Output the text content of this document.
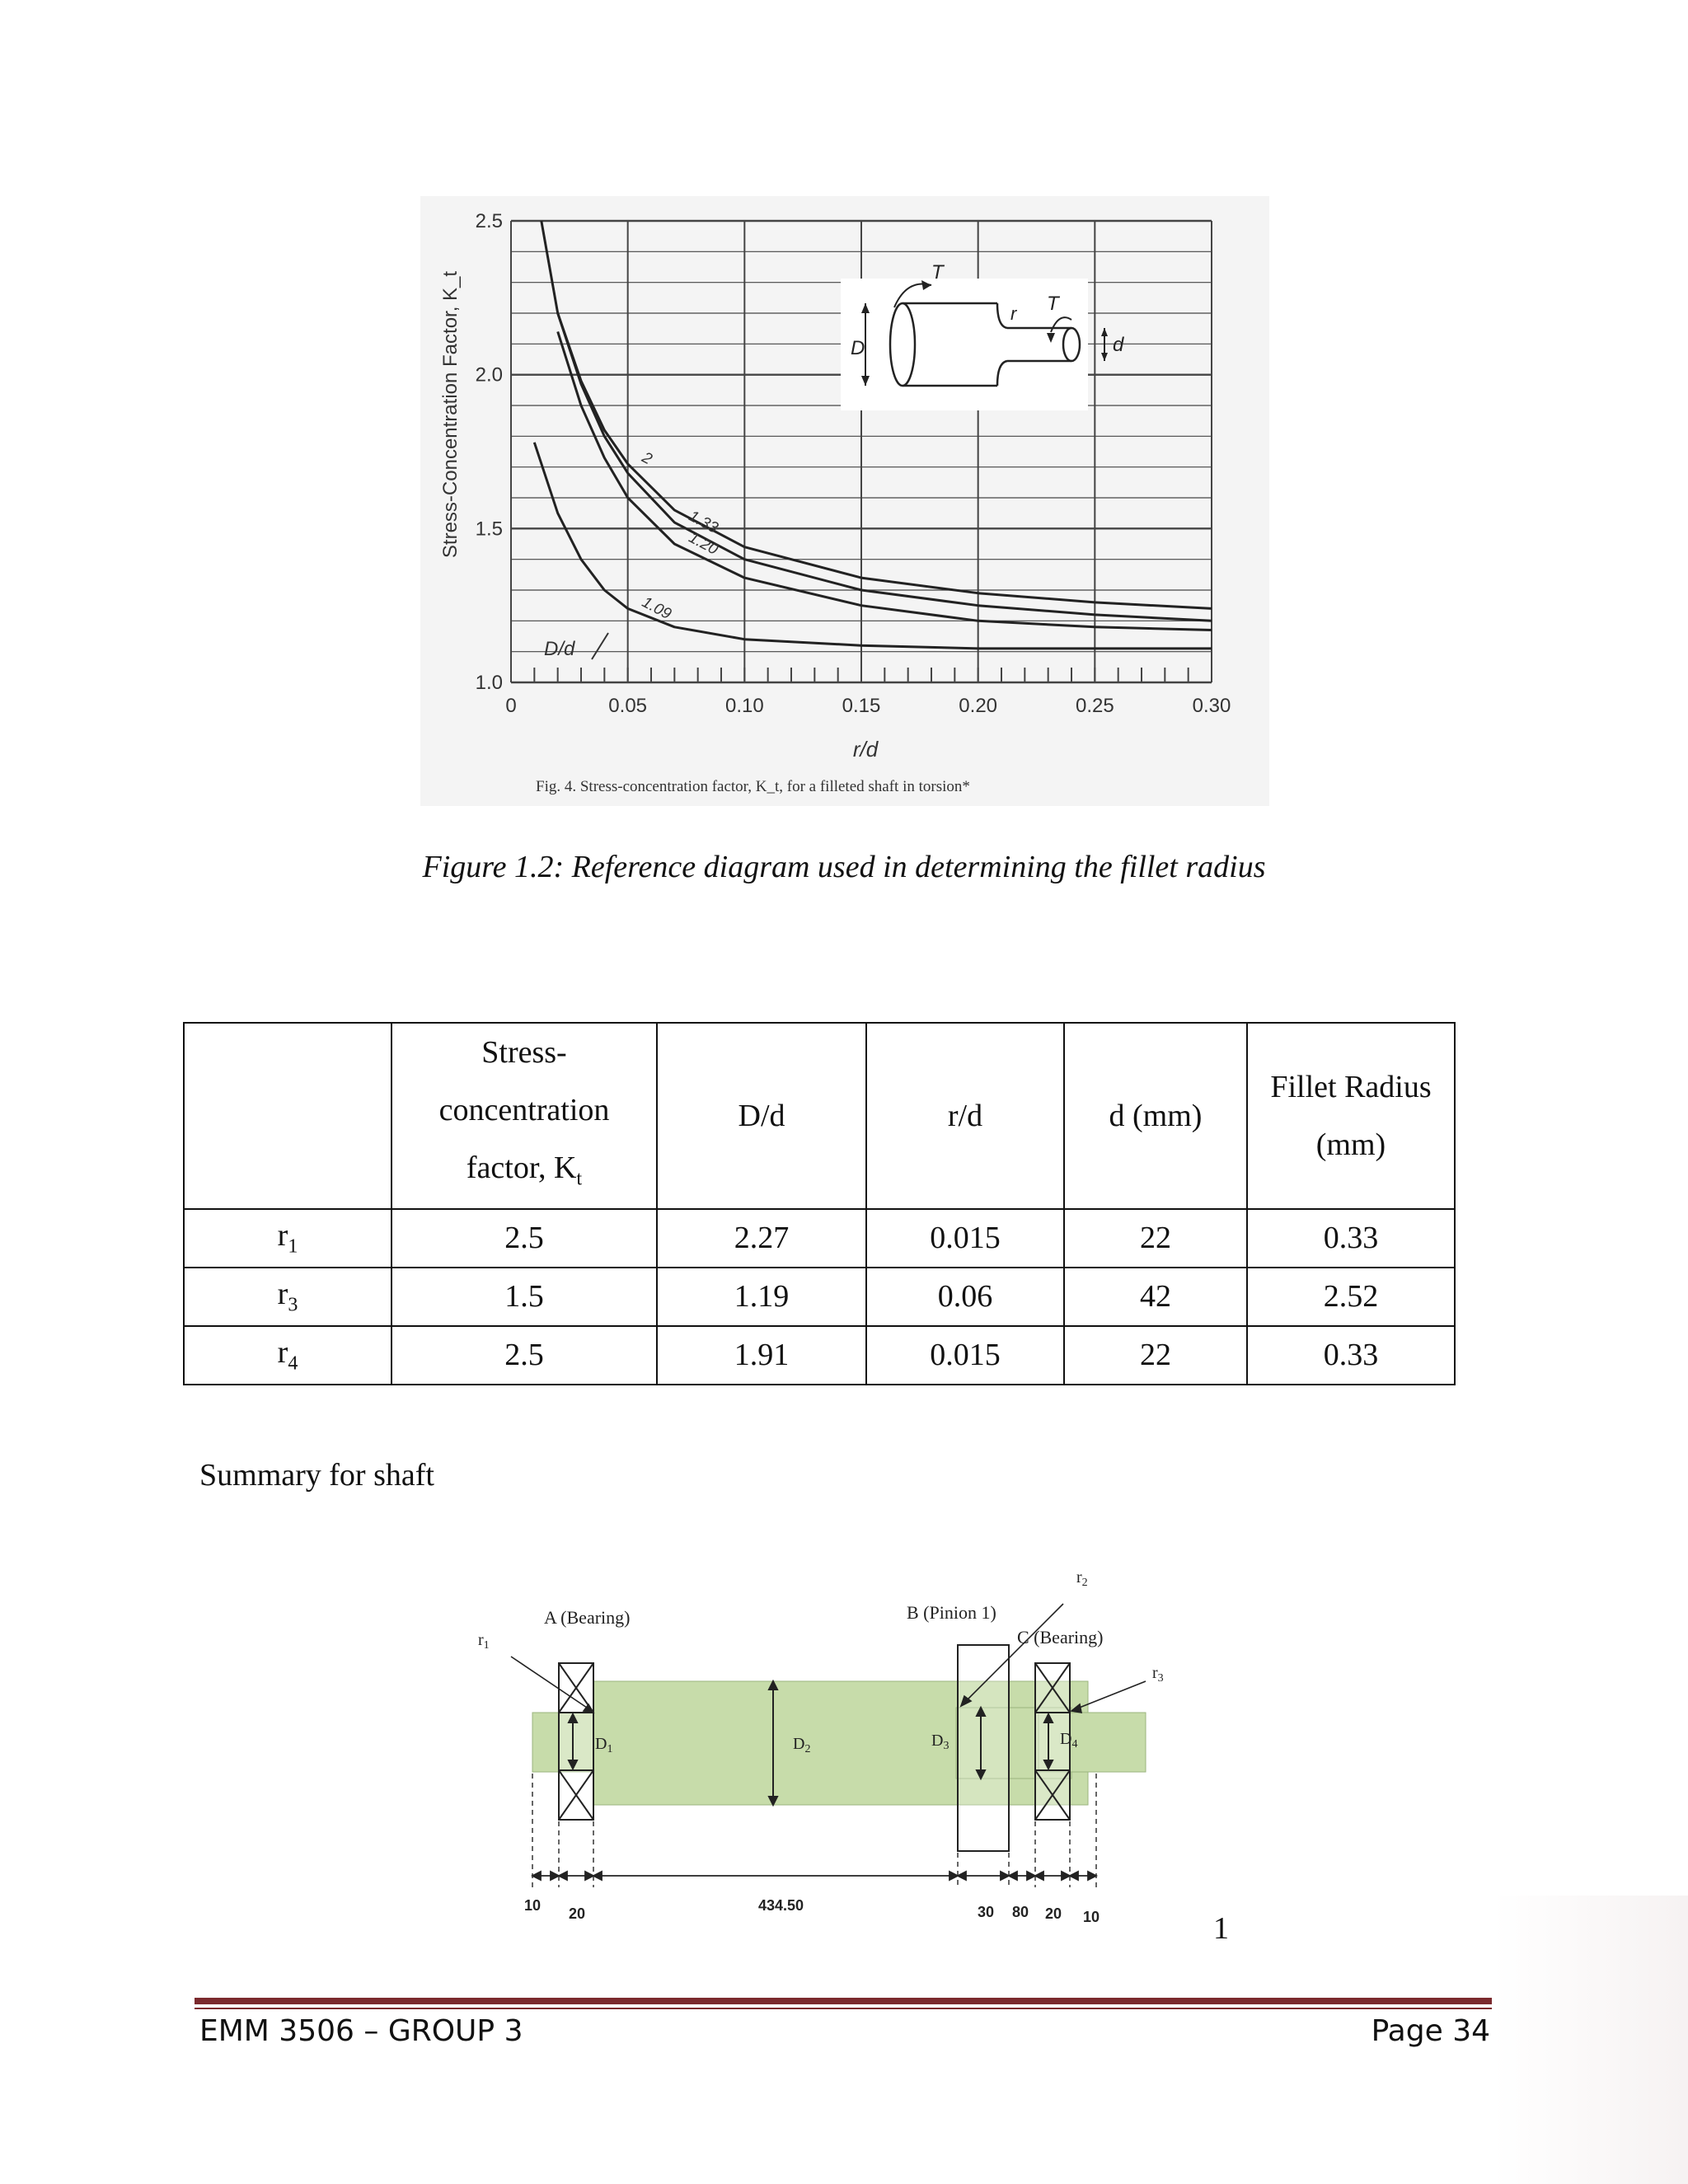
D	d
T
T
r
2
1.33
1.20
1.09
0	0.05	0.10	0.15	0.20	0.25	0.30
1.0
1.5
2.0
2.5
r/d
Stress-Concentration Factor, K_t
D/d
Fig. 4. Stress-concentration factor, K_t, for a filleted shaft in torsion*
Figure 1.2: Reference diagram used in determining the fillet radius
	Stress-
concentration
factor, $K_t$	D/d	r/d	d (mm)	Fillet Radius
(mm)
$r_1$	2.5	2.27	0.015	22	0.33
$r_3$	1.5	1.19	0.06	42	2.52
$r_4$	2.5	1.91	0.015	22	0.33
Summary for shaft
$r_1$
$r_2$
$r_3$
A (Bearing)	B (Pinion 1)
C (Bearing)
$D_1$	$D_2$	$D_3$	$D_4$
10 20	434.50	30 80 20 10	1
EMM 3506 – GROUP 3	Page 34
